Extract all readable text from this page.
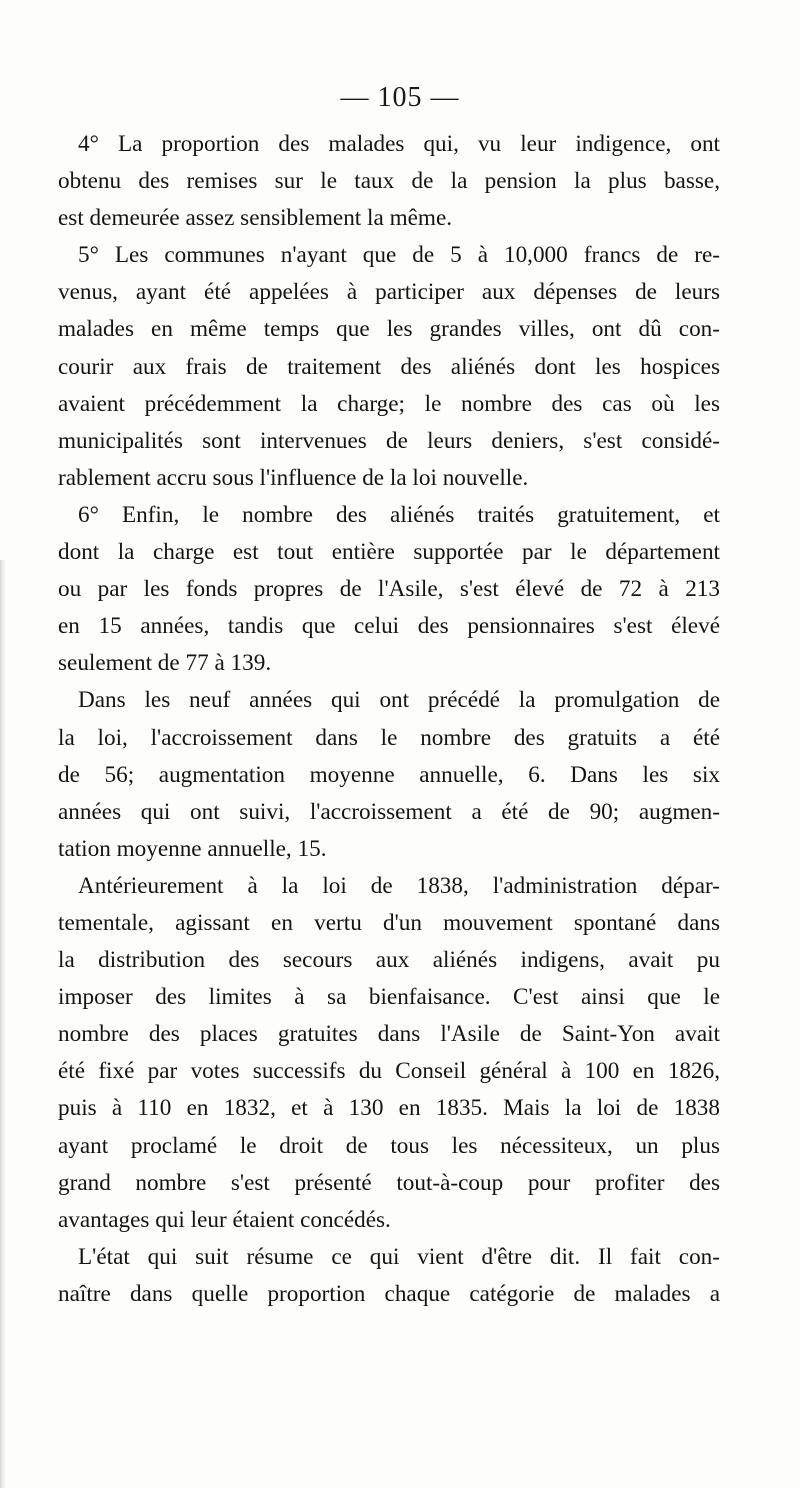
— 105 —
4° La proportion des malades qui, vu leur indigence, ont
obtenu des remises sur le taux de la pension la plus basse,
est demeurée assez sensiblement la même.
5° Les communes n'ayant que de 5 à 10,000 francs de re-
venus, ayant été appelées à participer aux dépenses de leurs
malades en même temps que les grandes villes, ont dû con-
courir aux frais de traitement des aliénés dont les hospices
avaient précédemment la charge; le nombre des cas où les
municipalités sont intervenues de leurs deniers, s'est considé-
rablement accru sous l'influence de la loi nouvelle.
6° Enfin, le nombre des aliénés traités gratuitement, et
dont la charge est tout entière supportée par le département
ou par les fonds propres de l'Asile, s'est élevé de 72 à 213
en 15 années, tandis que celui des pensionnaires s'est élevé
seulement de 77 à 139.
Dans les neuf années qui ont précédé la promulgation de
la loi, l'accroissement dans le nombre des gratuits a été
de 56; augmentation moyenne annuelle, 6. Dans les six
années qui ont suivi, l'accroissement a été de 90; augmen-
tation moyenne annuelle, 15.
Antérieurement à la loi de 1838, l'administration dépar-
tementale, agissant en vertu d'un mouvement spontané dans
la distribution des secours aux aliénés indigens, avait pu
imposer des limites à sa bienfaisance. C'est ainsi que le
nombre des places gratuites dans l'Asile de Saint-Yon avait
été fixé par votes successifs du Conseil général à 100 en 1826,
puis à 110 en 1832, et à 130 en 1835. Mais la loi de 1838
ayant proclamé le droit de tous les nécessiteux, un plus
grand nombre s'est présenté tout-à-coup pour profiter des
avantages qui leur étaient concédés.
L'état qui suit résume ce qui vient d'être dit. Il fait con-
naître dans quelle proportion chaque catégorie de malades a
